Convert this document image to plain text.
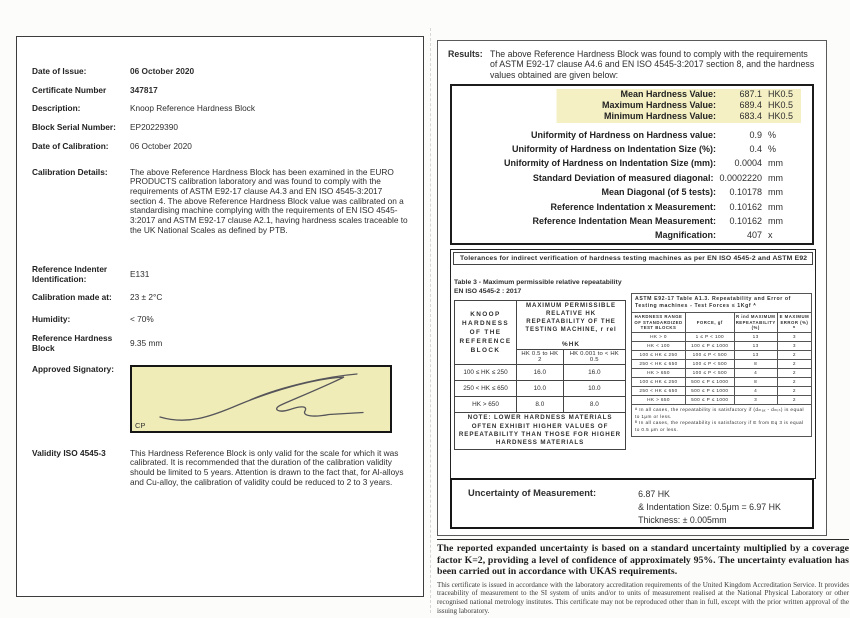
Date of Issue:	06 October 2020
Certificate Number	347817
Description:	Knoop Reference Hardness Block
Block Serial Number: EP20229390
Date of Calibration:	06 October 2020
Calibration Details:	The above Reference Hardness Block has been examined in the EURO PRODUCTS calibration laboratory and was found to comply with the requirements of ASTM E92-17 clause A4.3 and EN ISO 4545-3:2017 section 4. The above Reference Hardness Block value was calibrated on a standardising machine complying with the requirements of EN ISO 4545-3:2017 and ASTM E92-17 clause A2.1, having hardness scales traceable to the UK National Scales as defined by PTB.
Reference Indenter Identification:	E131
Calibration made at:	23 ± 2°C
Humidity:	< 70%
Reference Hardness Block	9.35 mm
Approved Signatory:
CP
Validity ISO 4545-3	This Hardness Reference Block is only valid for the scale for which it was calibrated. It is recommended that the duration of the calibration validity should be limited to 5 years. Attention is drawn to the fact that, for Al-alloys and Cu-alloy, the calibration of validity could be reduced to 2 to 3 years.
Results: The above Reference Hardness Block was found to comply with the requirements of ASTM E92-17 clause A4.6 and EN ISO 4545-3:2017 section 8, and the hardness values obtained are given below:
Mean Hardness Value:	687.1 HK0.5
Maximum Hardness Value:	689.4 HK0.5
Minimum Hardness Value:	683.4 HK0.5
Uniformity of Hardness on Hardness value:	0.9 %
Uniformity of Hardness on Indentation Size (%):	0.4 %
Uniformity of Hardness on Indentation Size (mm):	0.0004 mm
Standard Deviation of measured diagonal: 0.0002220 mm
Mean Diagonal (of 5 tests):	0.10178 mm
Reference Indentation x Measurement:	0.10162 mm
Reference Indentation Mean Measurement:	0.10162 mm
Magnification:	407 x
Tolerances for indirect verification of hardness testing machines as per EN ISO 4545-2 and ASTM E92
Table 3 - Maximum permissible relative repeatability
EN ISO 4545-2 : 2017
KNOOP HARDNESS OF THE REFERENCE BLOCK	MAXIMUM PERMISSIBLE RELATIVE HK REPEATABILITY OF THE TESTING MACHINE, r rel
%HK	

	HK 0.5 to HK 2	HK 0.001 to < HK 0.5
100 ≤ HK ≤ 250	16.0	16.0
250 < HK ≤ 650	10.0	10.0
HK > 650	8.0	8.0
NOTE: LOWER HARDNESS MATERIALS OFTEN EXHIBIT HIGHER VALUES OF REPEATABILITY THAN THOSE FOR HIGHER HARDNESS MATERIALS		
ASTM E92-17 Table A1.3. Repeatability and Error of Testing machines - Test Forces ≤ 1Kgf ᴬ			
HARDNESS RANGE OF STANDARDIZED TEST BLOCKS	FORCE, gf	R ind MAXIMUM REPEATABILITY (%)	E MAXIMUM ERROR (%) ᴮ
HK > 0	1 ≤ P < 100	13	3
HK < 100	100 ≤ P ≤ 1000	13	3
100 ≤ HK ≤ 250	100 ≤ P < 500	13	2
250 < HK ≤ 650	100 ≤ P < 500	8	2
HK > 650	100 ≤ P < 500	4	2
100 ≤ HK ≤ 250	500 ≤ P ≤ 1000	8	2
250 < HK ≤ 650	500 ≤ P ≤ 1000	4	2
HK > 650	500 ≤ P ≤ 1000	3	2

ᴬ In all cases, the repeatability is satisfactory if (dₘₐₓ - dₘᵢₙ) is equal to 1μm or less.
ᴮ In all cases, the repeatability is satisfactory if E from Eq 3 is equal to 0.5 μm or less.			
Uncertainty of Measurement:	6.87 HK
& Indentation Size: 0.5μm = 6.97 HK
Thickness: ± 0.005mm
The reported expanded uncertainty is based on a standard uncertainty multiplied by a coverage factor K=2, providing a level of confidence of approximately 95%. The uncertainty evaluation has been carried out in accordance with UKAS requirements.
This certificate is issued in accordance with the laboratory accreditation requirements of the United Kingdom Accreditation Service. It provides traceability of measurement to the SI system of units and/or to units of measurement realised at the National Physical Laboratory or other recognised national metrology institutes. This certificate may not be reproduced other than in full, except with the prior written approval of the issuing laboratory.
